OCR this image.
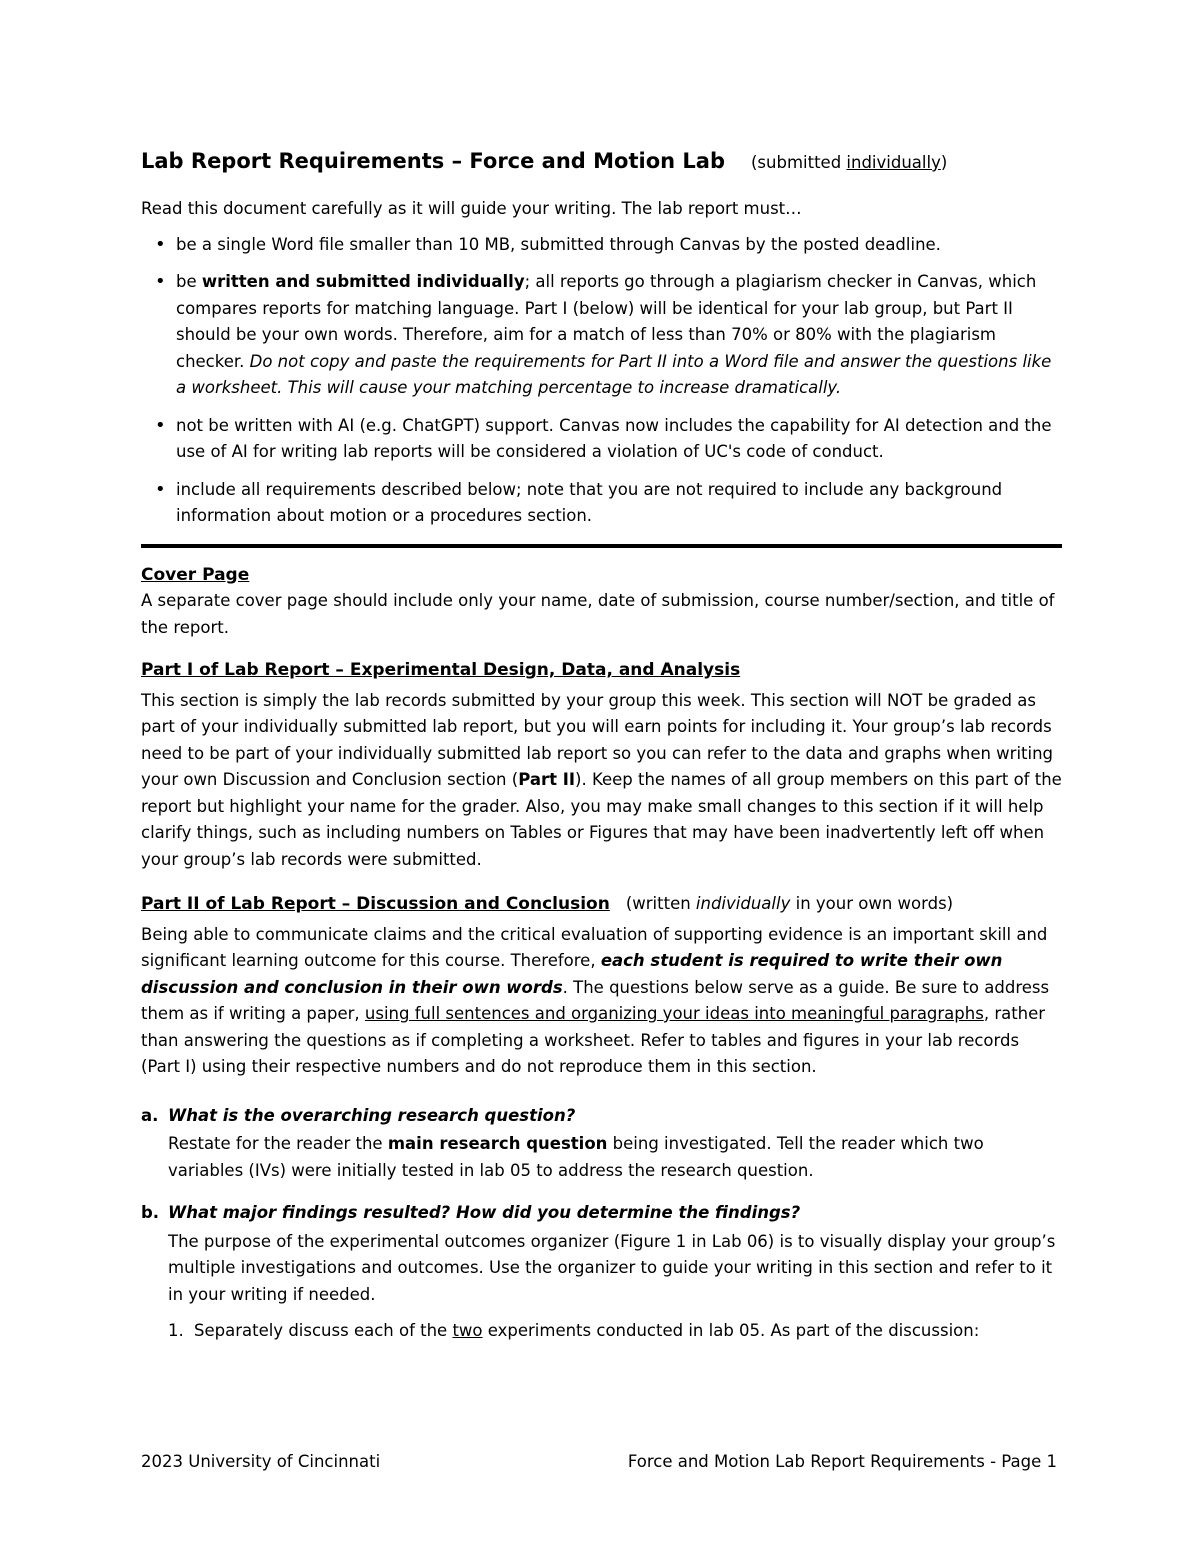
Lab Report Requirements – Force and Motion Lab (submitted individually)

Read this document carefully as it will guide your writing. The lab report must…

• be a single Word file smaller than 10 MB, submitted through Canvas by the posted deadline.
• be written and submitted individually; all reports go through a plagiarism checker in Canvas, which compares reports for matching language. Part I (below) will be identical for your lab group, but Part II should be your own words. Therefore, aim for a match of less than 70% or 80% with the plagiarism checker. Do not copy and paste the requirements for Part II into a Word file and answer the questions like a worksheet. This will cause your matching percentage to increase dramatically.
• not be written with AI (e.g. ChatGPT) support. Canvas now includes the capability for AI detection and the use of AI for writing lab reports will be considered a violation of UC's code of conduct.
• include all requirements described below; note that you are not required to include any background information about motion or a procedures section.

Cover Page

A separate cover page should include only your name, date of submission, course number/section, and title of the report.

Part I of Lab Report – Experimental Design, Data, and Analysis

This section is simply the lab records submitted by your group this week. This section will NOT be graded as part of your individually submitted lab report, but you will earn points for including it. Your group’s lab records need to be part of your individually submitted lab report so you can refer to the data and graphs when writing your own Discussion and Conclusion section (Part II). Keep the names of all group members on this part of the report but highlight your name for the grader. Also, you may make small changes to this section if it will help clarify things, such as including numbers on Tables or Figures that may have been inadvertently left off when your group’s lab records were submitted.

Part II of Lab Report – Discussion and Conclusion (written individually in your own words)

Being able to communicate claims and the critical evaluation of supporting evidence is an important skill and significant learning outcome for this course. Therefore, each student is required to write their own discussion and conclusion in their own words. The questions below serve as a guide. Be sure to address them as if writing a paper, using full sentences and organizing your ideas into meaningful paragraphs, rather than answering the questions as if completing a worksheet. Refer to tables and figures in your lab records (Part I) using their respective numbers and do not reproduce them in this section.

a. What is the overarching research question?

Restate for the reader the main research question being investigated. Tell the reader which two variables (IVs) were initially tested in lab 05 to address the research question.

b. What major findings resulted? How did you determine the findings?

The purpose of the experimental outcomes organizer (Figure 1 in Lab 06) is to visually display your group’s multiple investigations and outcomes. Use the organizer to guide your writing in this section and refer to it in your writing if needed.

1. Separately discuss each of the two experiments conducted in lab 05. As part of the discussion:

2023 University of Cincinnati	Force and Motion Lab Report Requirements - Page 1
